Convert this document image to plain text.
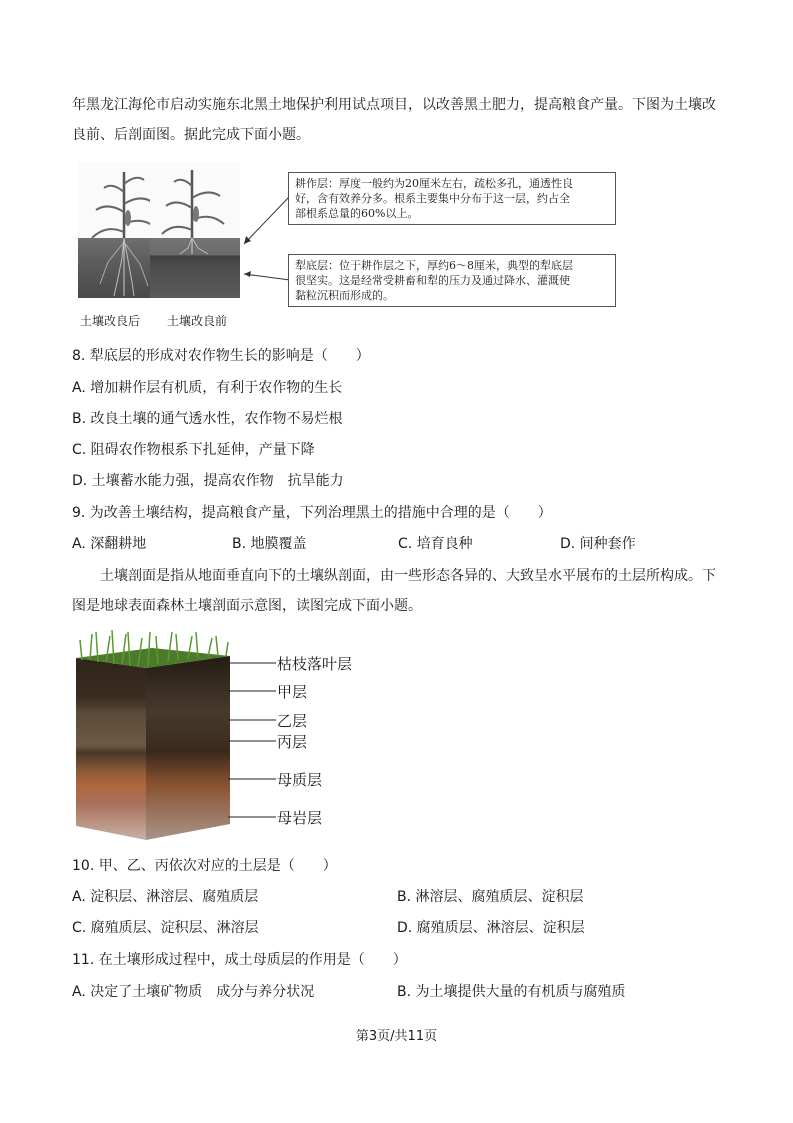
年黑龙江海伦市启动实施东北黑土地保护利用试点项目，以改善黑土肥力，提高粮食产量。下图为土壤改
良前、后剖面图。据此完成下面小题。
耕作层：厚度一般约为20厘米左右，疏松多孔，通透性良
好，含有效养分多。根系主要集中分布于这一层，约占全
部根系总量的60%以上。
犁底层：位于耕作层之下，厚约6～8厘米，典型的犁底层
很坚实。这是经常受耕畜和犁的压力及通过降水、灌溉使
黏粒沉积而形成的。
土壤改良后 土壤改良前
8. 犁底层的形成对农作物生长的影响是（　　）
A. 增加耕作层有机质，有利于农作物的生长
B. 改良土壤的通气透水性，农作物不易烂根
C. 阻碍农作物根系下扎延伸，产量下降
D. 土壤蓄水能力强，提高农作物　抗旱能力
9. 为改善土壤结构，提高粮食产量，下列治理黑土的措施中合理的是（　　）
A. 深翻耕地	B. 地膜覆盖	C. 培育良种	D. 间种套作
土壤剖面是指从地面垂直向下的土壤纵剖面，由一些形态各异的、大致呈水平展布的土层所构成。下
图是地球表面森林土壤剖面示意图，读图完成下面小题。
枯枝落叶层
甲层
乙层
丙层
母质层
母岩层
10. 甲、乙、丙依次对应的土层是（　　）
A. 淀积层、淋溶层、腐殖质层	B. 淋溶层、腐殖质层、淀积层
C. 腐殖质层、淀积层、淋溶层	D. 腐殖质层、淋溶层、淀积层
11. 在土壤形成过程中，成土母质层的作用是（　　）
A. 决定了土壤矿物质　成分与养分状况	B. 为土壤提供大量的有机质与腐殖质
第3页/共11页
